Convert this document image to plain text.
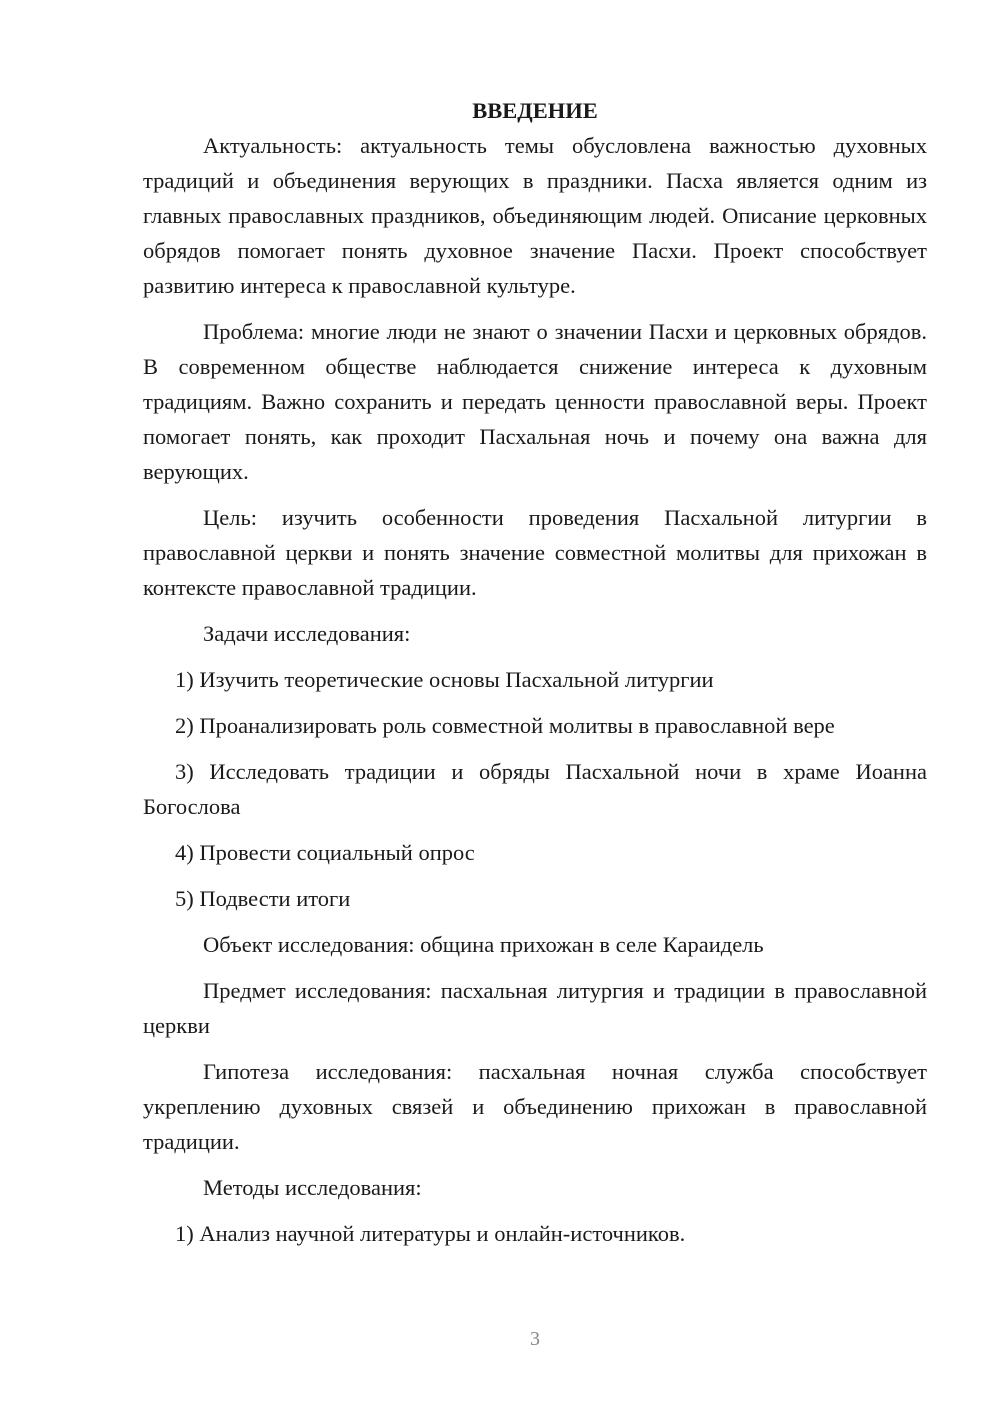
ВВЕДЕНИЕ

Актуальность: актуальность темы обусловлена важностью духовных традиций и объединения верующих в праздники. Пасха является одним из главных православных праздников, объединяющим людей. Описание церковных обрядов помогает понять духовное значение Пасхи. Проект способствует развитию интереса к православной культуре.

Проблема: многие люди не знают о значении Пасхи и церковных обрядов. В современном обществе наблюдается снижение интереса к духовным традициям. Важно сохранить и передать ценности православной веры. Проект помогает понять, как проходит Пасхальная ночь и почему она важна для верующих.

Цель: изучить особенности проведения Пасхальной литургии в православной церкви и понять значение совместной молитвы для прихожан в контексте православной традиции.

Задачи исследования:

1) Изучить теоретические основы Пасхальной литургии

2) Проанализировать роль совместной молитвы в православной вере

3) Исследовать традиции и обряды Пасхальной ночи в храме Иоанна Богослова

4) Провести социальный опрос

5) Подвести итоги

Объект исследования: община прихожан в селе Караидель

Предмет исследования: пасхальная литургия и традиции в православной церкви

Гипотеза исследования: пасхальная ночная служба способствует укреплению духовных связей и объединению прихожан в православной традиции.

Методы исследования:

1) Анализ научной литературы и онлайн-источников.

3
